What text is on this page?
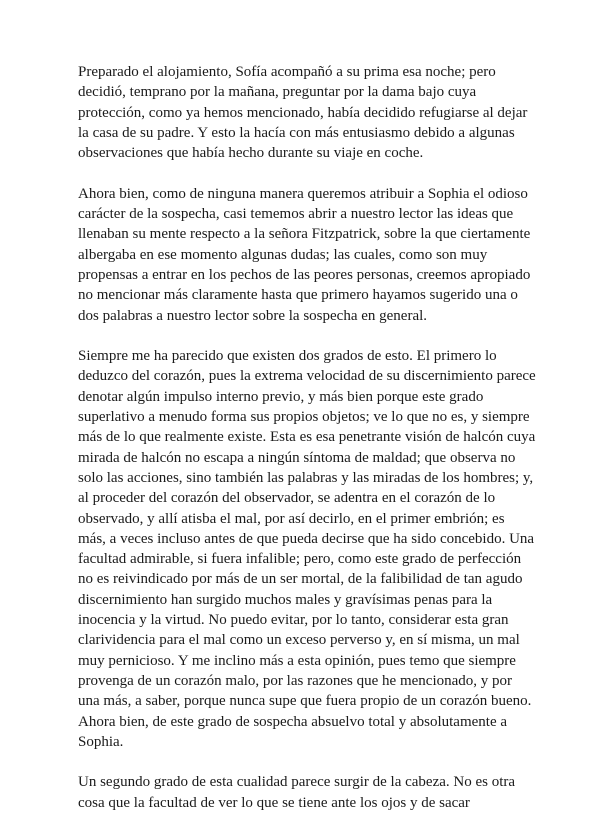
Preparado el alojamiento, Sofía acompañó a su prima esa noche; pero
decidió, temprano por la mañana, preguntar por la dama bajo cuya
protección, como ya hemos mencionado, había decidido refugiarse al dejar
la casa de su padre. Y esto la hacía con más entusiasmo debido a algunas
observaciones que había hecho durante su viaje en coche.

Ahora bien, como de ninguna manera queremos atribuir a Sophia el odioso
carácter de la sospecha, casi tememos abrir a nuestro lector las ideas que
llenaban su mente respecto a la señora Fitzpatrick, sobre la que ciertamente
albergaba en ese momento algunas dudas; las cuales, como son muy
propensas a entrar en los pechos de las peores personas, creemos apropiado
no mencionar más claramente hasta que primero hayamos sugerido una o
dos palabras a nuestro lector sobre la sospecha en general.

Siempre me ha parecido que existen dos grados de esto. El primero lo
deduzco del corazón, pues la extrema velocidad de su discernimiento parece
denotar algún impulso interno previo, y más bien porque este grado
superlativo a menudo forma sus propios objetos; ve lo que no es, y siempre
más de lo que realmente existe. Esta es esa penetrante visión de halcón cuya
mirada de halcón no escapa a ningún síntoma de maldad; que observa no
solo las acciones, sino también las palabras y las miradas de los hombres; y,
al proceder del corazón del observador, se adentra en el corazón de lo
observado, y allí atisba el mal, por así decirlo, en el primer embrión; es
más, a veces incluso antes de que pueda decirse que ha sido concebido. Una
facultad admirable, si fuera infalible; pero, como este grado de perfección
no es reivindicado por más de un ser mortal, de la falibilidad de tan agudo
discernimiento han surgido muchos males y gravísimas penas para la
inocencia y la virtud. No puedo evitar, por lo tanto, considerar esta gran
clarividencia para el mal como un exceso perverso y, en sí misma, un mal
muy pernicioso. Y me inclino más a esta opinión, pues temo que siempre
provenga de un corazón malo, por las razones que he mencionado, y por
una más, a saber, porque nunca supe que fuera propio de un corazón bueno.
Ahora bien, de este grado de sospecha absuelvo total y absolutamente a
Sophia.

Un segundo grado de esta cualidad parece surgir de la cabeza. No es otra
cosa que la facultad de ver lo que se tiene ante los ojos y de sacar
